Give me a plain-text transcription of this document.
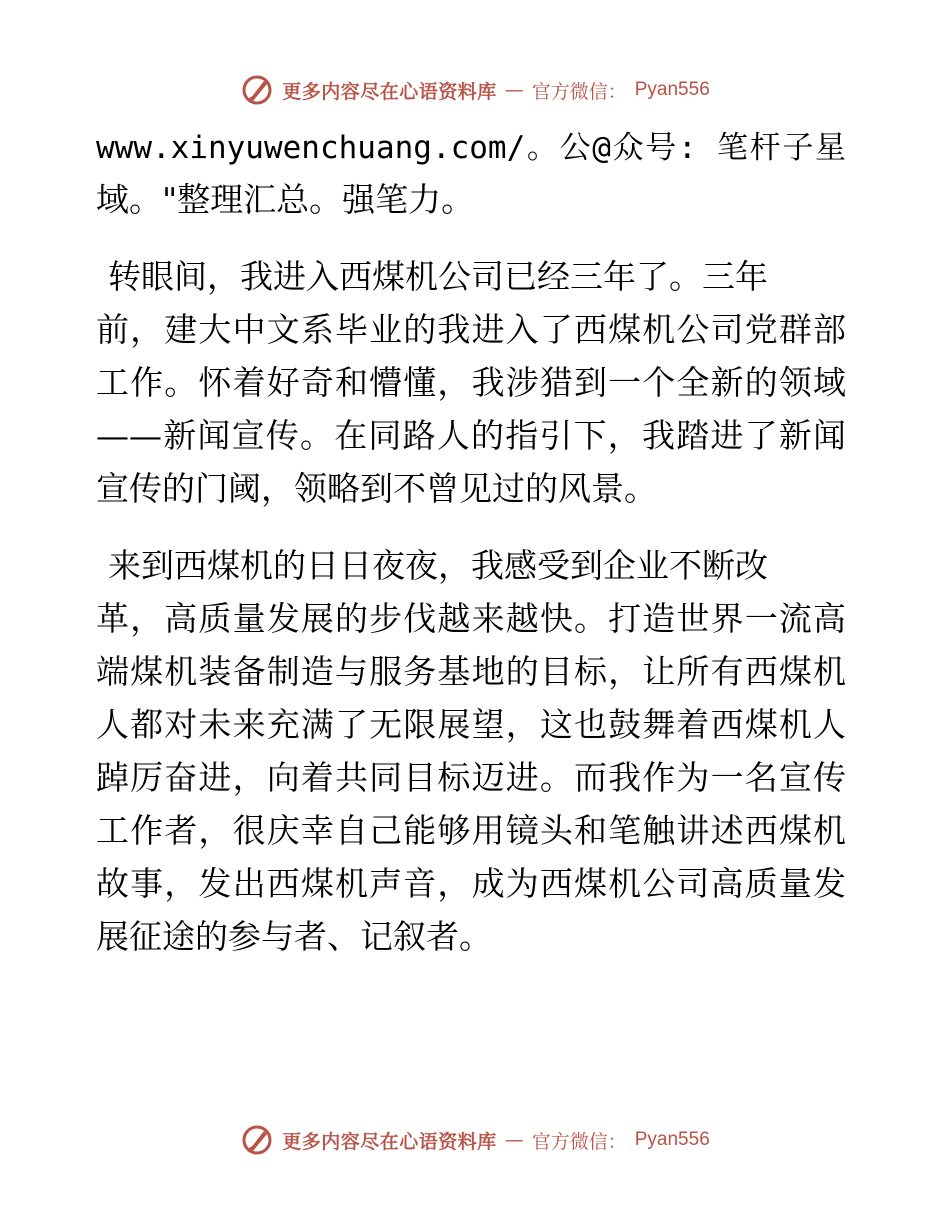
更多内容尽在心语资料库 — 官方微信： Pyan556

www.xinyuwenchuang.com/。公@众号: 笔杆子星
域。"整理汇总。强笔力。

转眼间，我进入西煤机公司已经三年了。三年
前，建大中文系毕业的我进入了西煤机公司党群部
工作。怀着好奇和懵懂，我涉猎到一个全新的领域
——新闻宣传。在同路人的指引下，我踏进了新闻
宣传的门阈，领略到不曾见过的风景。

来到西煤机的日日夜夜，我感受到企业不断改
革，高质量发展的步伐越来越快。打造世界一流高
端煤机装备制造与服务基地的目标，让所有西煤机
人都对未来充满了无限展望，这也鼓舞着西煤机人
踔厉奋进，向着共同目标迈进。而我作为一名宣传
工作者，很庆幸自己能够用镜头和笔触讲述西煤机
故事，发出西煤机声音，成为西煤机公司高质量发
展征途的参与者、记叙者。

更多内容尽在心语资料库 — 官方微信： Pyan556
